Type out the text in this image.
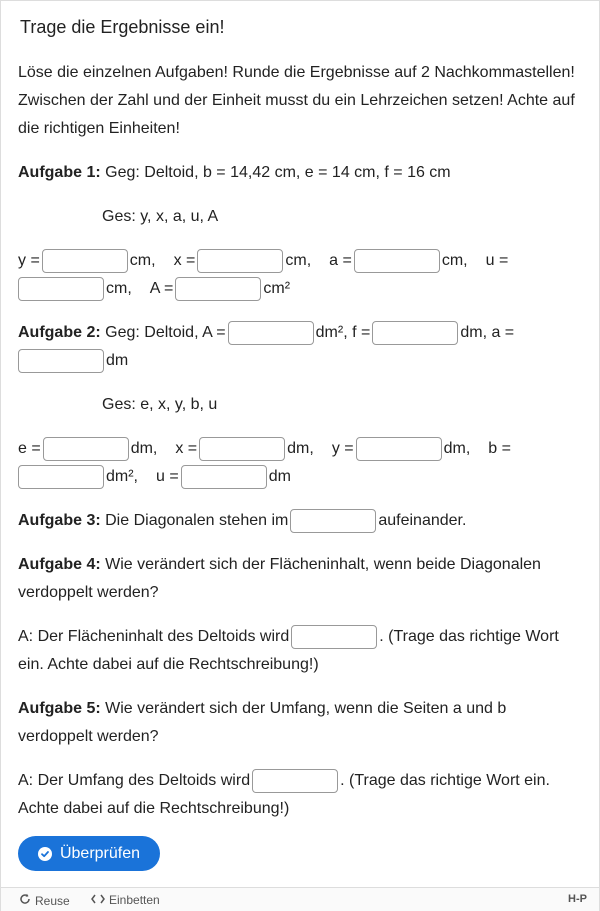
Trage die Ergebnisse ein!

Löse die einzelnen Aufgaben! Runde die Ergebnisse auf 2 Nachkommastellen! Zwischen der Zahl und der Einheit musst du ein Lehrzeichen setzen! Achte auf die richtigen Einheiten!

Aufgabe 1: Geg: Deltoid, b = 14,42 cm, e = 14 cm, f = 16 cm

Ges: y, x, a, u, A

y =	cm, x =	cm, a =	cm, u = cm, A =	cm²

Aufgabe 2: Geg: Deltoid, A =	dm², f =	dm, a = dm

Ges: e, x, y, b, u

e =	dm, x =	dm, y =	dm, b = dm², u =	dm

Aufgabe 3: Die Diagonalen stehen im	aufeinander.

Aufgabe 4: Wie verändert sich der Flächeninhalt, wenn beide Diagonalen verdoppelt werden?

A: Der Flächeninhalt des Deltoids wird	. (Trage das richtige Wort ein. Achte dabei auf die Rechtschreibung!)

Aufgabe 5: Wie verändert sich der Umfang, wenn die Seiten a und b verdoppelt werden?

A: Der Umfang des Deltoids wird	. (Trage das richtige Wort ein. Achte dabei auf die Rechtschreibung!)

Überprüfen
Reuse	Einbetten	H-P
